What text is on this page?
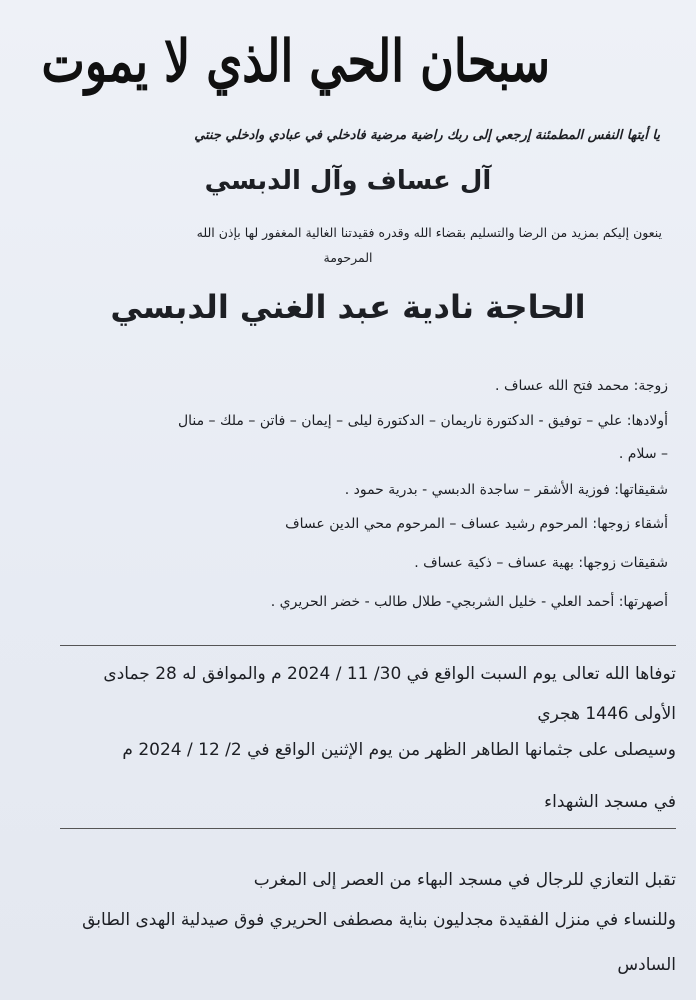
سبحان الحي الذي لا يموت
يا أيتها النفس المطمئنة إرجعي إلى ربك راضية مرضية فادخلي في عبادي وادخلي جنتي
آل عساف وآل الدبسي
ينعون إليكم بمزيد من الرضا والتسليم بقضاء الله وقدره فقيدتنا الغالية المغفور لها بإذن الله
المرحومة
الحاجة نادية عبد الغني الدبسي
زوجة: محمد فتح الله عساف .
أولادها: علي – توفيق - الدكتورة ناريمان – الدكتورة ليلى – إيمان – فاتن – ملك – منال
– سلام .
شقيقاتها: فوزية الأشقر – ساجدة الدبسي - بدرية حمود .
أشقاء زوجها: المرحوم رشيد عساف – المرحوم محي الدين عساف
شقيقات زوجها: بهية عساف – ذكية عساف .
أصهرتها: أحمد العلي - خليل الشربجي- طلال طالب - خضر الحريري .
توفاها الله تعالى يوم السبت الواقع في 30/ 11 / 2024 م والموافق له 28 جمادى
الأولى 1446 هجري
وسيصلى على جثمانها الطاهر الظهر من يوم الإثنين الواقع في 2/ 12 / 2024 م
في مسجد الشهداء
تقبل التعازي للرجال في مسجد البهاء من العصر إلى المغرب
وللنساء في منزل الفقيدة مجدليون بناية مصطفى الحريري فوق صيدلية الهدى الطابق
السادس
